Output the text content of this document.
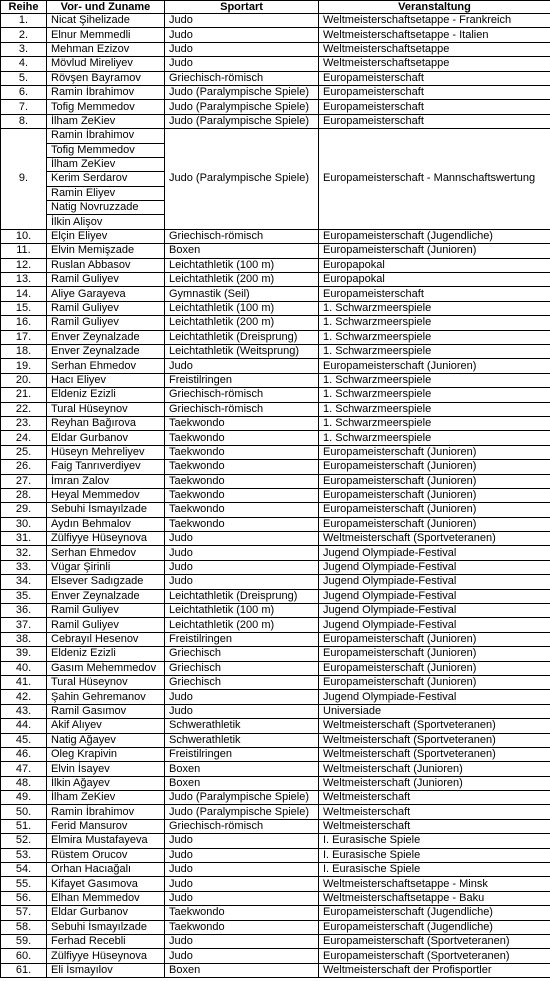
Reihe	Vor- und Zuname	Sportart	Veranstaltung
1.	Nicat Şihelizade	Judo	Weltmeisterschaftsetappe - Frankreich
2.	Elnur Memmedli	Judo	Weltmeisterschaftsetappe - Italien
3.	Mehman Ezizov	Judo	Weltmeisterschaftsetappe
4.	Mövlud Mireliyev	Judo	Weltmeisterschaftsetappe
5.	Rövşen Bayramov	Griechisch-römisch	Europameisterschaft
6.	Ramin İbrahimov	Judo (Paralympische Spiele)	Europameisterschaft
7.	Tofig Memmedov	Judo (Paralympische Spiele)	Europameisterschaft
8.	İlham ZeKiev	Judo (Paralympische Spiele)	Europameisterschaft
9.	Ramin İbrahimov	Judo (Paralympische Spiele)	Europameisterschaft - Mannschaftswertung
	Tofig Memmedov		
	İlham ZeKiev		
	Kerim Serdarov		
	Ramin Eliyev		
	Natig Novruzzade		
	İlkin Alişov		
10.	Elçin Eliyev	Griechisch-römisch	Europameisterschaft (Jugendliche)
11.	Elvin Memişzade	Boxen	Europameisterschaft (Junioren)
12.	Ruslan Abbasov	Leichtathletik (100 m)	Europapokal
13.	Ramil Guliyev	Leichtathletik (200 m)	Europapokal
14.	Aliye Garayeva	Gymnastik (Seil)	Europameisterschaft
15.	Ramil Guliyev	Leichtathletik (100 m)	1. Schwarzmeerspiele
16.	Ramil Guliyev	Leichtathletik (200 m)	1. Schwarzmeerspiele
17.	Enver Zeynalzade	Leichtathletik (Dreisprung)	1. Schwarzmeerspiele
18.	Enver Zeynalzade	Leichtathletik (Weitsprung)	1. Schwarzmeerspiele
19.	Serhan Ehmedov	Judo	Europameisterschaft (Junioren)
20.	Hacı Eliyev	Freistilringen	1. Schwarzmeerspiele
21.	Eldeniz Ezizli	Griechisch-römisch	1. Schwarzmeerspiele
22.	Tural Hüseynov	Griechisch-römisch	1. Schwarzmeerspiele
23.	Reyhan Bağırova	Taekwondo	1. Schwarzmeerspiele
24.	Eldar Gurbanov	Taekwondo	1. Schwarzmeerspiele
25.	Hüseyn Mehreliyev	Taekwondo	Europameisterschaft (Junioren)
26.	Faig Tanrıverdiyev	Taekwondo	Europameisterschaft (Junioren)
27.	İmran Zalov	Taekwondo	Europameisterschaft (Junioren)
28.	Heyal Memmedov	Taekwondo	Europameisterschaft (Junioren)
29.	Sebuhi İsmayılzade	Taekwondo	Europameisterschaft (Junioren)
30.	Aydın Behmalov	Taekwondo	Europameisterschaft (Junioren)
31.	Zülfiyye Hüseynova	Judo	Weltmeisterschaft (Sportveteranen)
32.	Serhan Ehmedov	Judo	Jugend Olympiade-Festival
33.	Vügar Şirinli	Judo	Jugend Olympiade-Festival
34.	Elsever Sadıgzade	Judo	Jugend Olympiade-Festival
35.	Enver Zeynalzade	Leichtathletik (Dreisprung)	Jugend Olympiade-Festival
36.	Ramil Guliyev	Leichtathletik (100 m)	Jugend Olympiade-Festival
37.	Ramil Guliyev	Leichtathletik (200 m)	Jugend Olympiade-Festival
38.	Cebrayıl Hesenov	Freistilringen	Europameisterschaft (Junioren)
39.	Eldeniz Ezizli	Griechisch	Europameisterschaft (Junioren)
40.	Gasım Mehemmedov	Griechisch	Europameisterschaft (Junioren)
41.	Tural Hüseynov	Griechisch	Europameisterschaft (Junioren)
42.	Şahin Gehremanov	Judo	Jugend Olympiade-Festival
43.	Ramil Gasımov	Judo	Universiade
44.	Akif Alıyev	Schwerathletik	Weltmeisterschaft (Sportveteranen)
45.	Natig Ağayev	Schwerathletik	Weltmeisterschaft (Sportveteranen)
46.	Oleg Krapivin	Freistilringen	Weltmeisterschaft (Sportveteranen)
47.	Elvin İsayev	Boxen	Weltmeisterschaft (Junioren)
48.	İlkin Ağayev	Boxen	Weltmeisterschaft (Junioren)
49.	İlham ZeKiev	Judo (Paralympische Spiele)	Weltmeisterschaft
50.	Ramin İbrahimov	Judo (Paralympische Spiele)	Weltmeisterschaft
51.	Ferid Mansurov	Griechisch-römisch	Weltmeisterschaft
52.	Elmira Mustafayeva	Judo	I. Eurasische Spiele
53.	Rüstem Orucov	Judo	I. Eurasische Spiele
54.	Orhan Hacıağalı	Judo	I. Eurasische Spiele
55.	Kifayet Gasımova	Judo	Weltmeisterschaftsetappe - Minsk
56.	Elhan Memmedov	Judo	Weltmeisterschaftsetappe - Baku
57.	Eldar Gurbanov	Taekwondo	Europameisterschaft (Jugendliche)
58.	Sebuhi İsmayılzade	Taekwondo	Europameisterschaft (Jugendliche)
59.	Ferhad Recebli	Judo	Europameisterschaft (Sportveteranen)
60.	Zülfiyye Hüseynova	Judo	Europameisterschaft (Sportveteranen)
61.	Eli İsmayılov	Boxen	Weltmeisterschaft der Profisportler
